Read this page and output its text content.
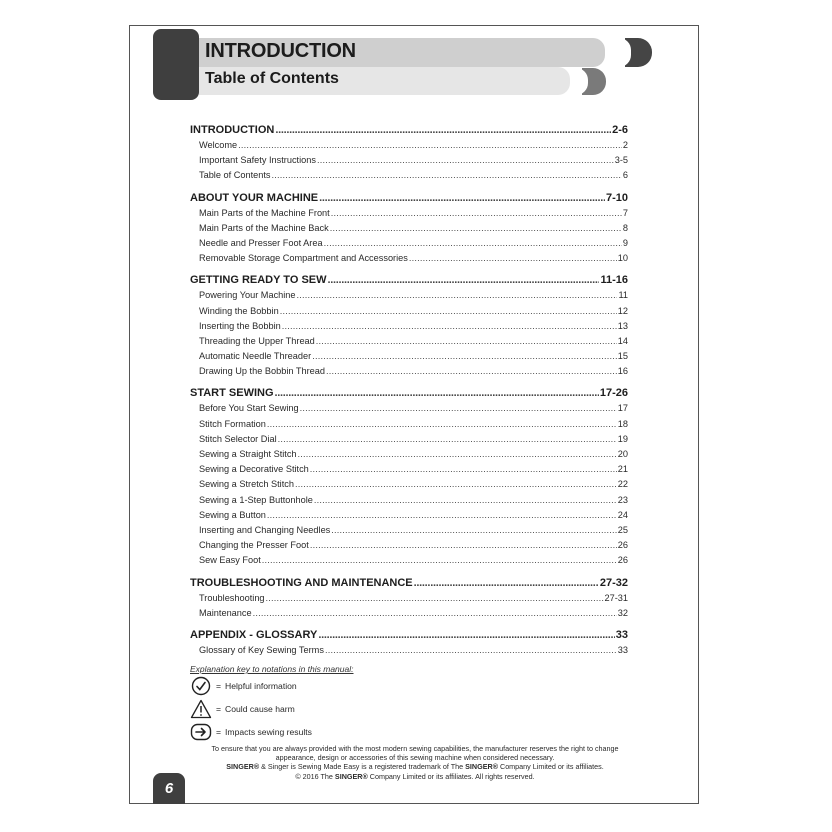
INTRODUCTION
Table of Contents
INTRODUCTION .....	2-6
Welcome .....	2
Important Safety Instructions .....	3-5
Table of Contents .....	6
ABOUT YOUR MACHINE .....	7-10
Main Parts of the Machine Front .....	7
Main Parts of the Machine Back .....	8
Needle and Presser Foot Area .....	9
Removable Storage Compartment and Accessories .....	10
GETTING READY TO SEW .....	11-16
Powering Your Machine .....	11
Winding the Bobbin .....	12
Inserting the Bobbin .....	13
Threading the Upper Thread .....	14
Automatic Needle Threader .....	15
Drawing Up the Bobbin Thread .....	16
START SEWING .....	17-26
Before You Start Sewing .....	17
Stitch Formation .....	18
Stitch Selector Dial .....	19
Sewing a Straight Stitch .....	20
Sewing a Decorative Stitch .....	21
Sewing a Stretch Stitch .....	22
Sewing a 1-Step Buttonhole .....	23
Sewing a Button .....	24
Inserting and Changing Needles .....	25
Changing the Presser Foot .....	26
Sew Easy Foot .....	26
TROUBLESHOOTING AND MAINTENANCE .....	27-32
Troubleshooting .....	27-31
Maintenance .....	32
APPENDIX - GLOSSARY .....	33
Glossary of Key Sewing Terms .....	33
Explanation key to notations in this manual:
= Helpful information
= Could cause harm
= Impacts sewing results
To ensure that you are always provided with the most modern sewing capabilities, the manufacturer reserves the right to change
appearance, design or accessories of this sewing machine when considered necessary.
SINGER® & Singer is Sewing Made Easy is a registered trademark of The SINGER® Company Limited or its affiliates.
© 2016 The SINGER® Company Limited or its affiliates. All rights reserved.
6
